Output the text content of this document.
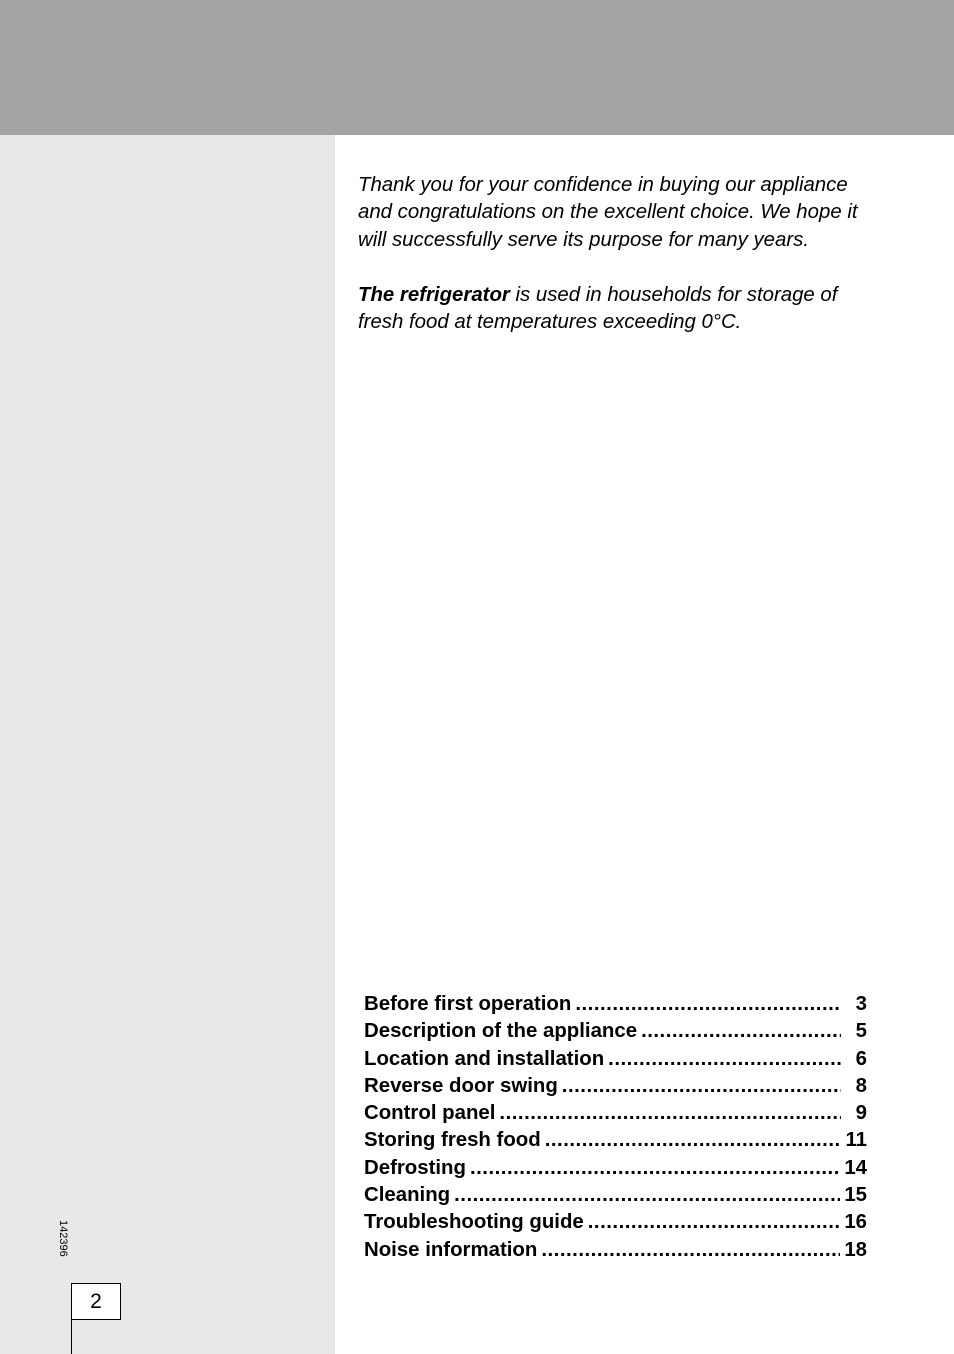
142396
2

Thank you for your confidence in buying our appliance and congratulations on the excellent choice. We hope it will successfully serve its purpose for many years.

The refrigerator is used in households for storage of fresh food at temperatures exceeding 0°C.

Before first operation .....	3
Description of the appliance .....	5
Location and installation .....	6
Reverse door swing .....	8
Control panel .....	9
Storing fresh food .....	11
Defrosting .....	14
Cleaning .....	15
Troubleshooting guide .....	16
Noise information .....	18
